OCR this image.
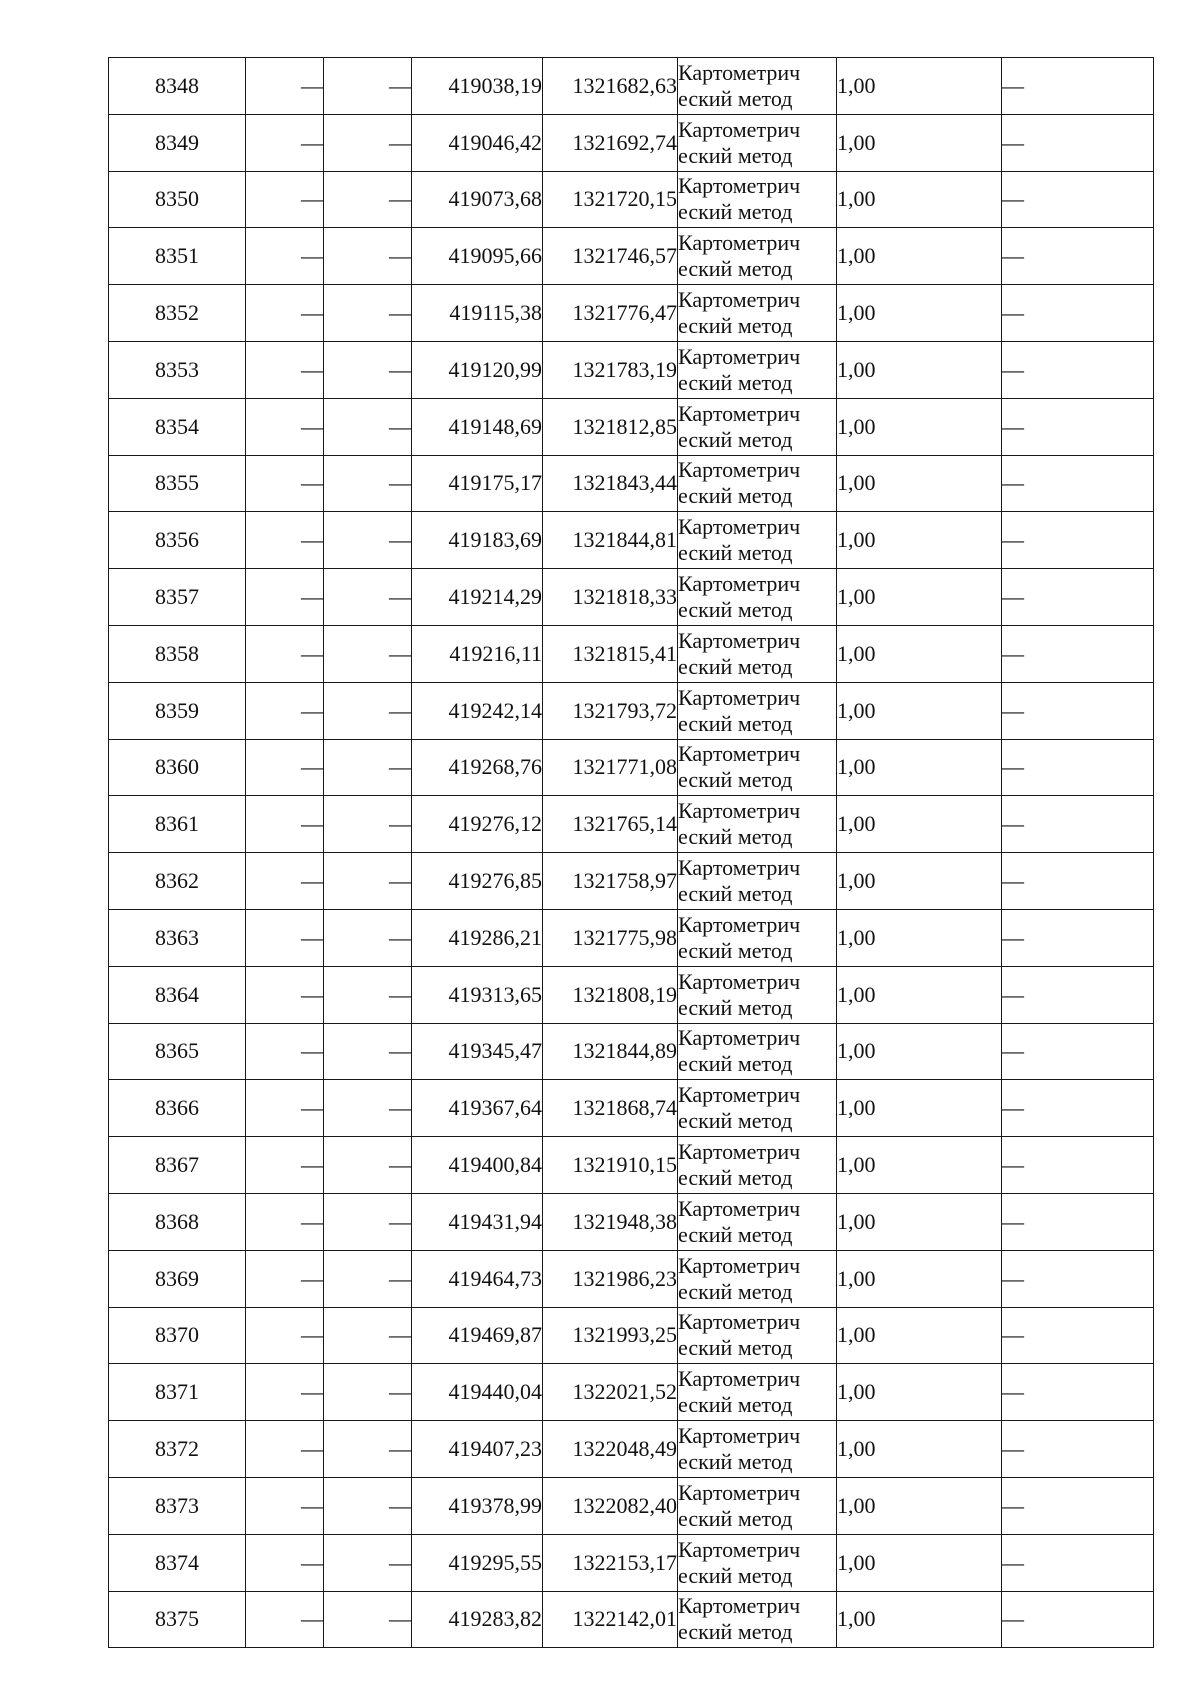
8348	—	—	419038,19	1321682,63	Картометрич
еский метод	1,00	—
8349	—	—	419046,42	1321692,74	Картометрич
еский метод	1,00	—
8350	—	—	419073,68	1321720,15	Картометрич
еский метод	1,00	—
8351	—	—	419095,66	1321746,57	Картометрич
еский метод	1,00	—
8352	—	—	419115,38	1321776,47	Картометрич
еский метод	1,00	—
8353	—	—	419120,99	1321783,19	Картометрич
еский метод	1,00	—
8354	—	—	419148,69	1321812,85	Картометрич
еский метод	1,00	—
8355	—	—	419175,17	1321843,44	Картометрич
еский метод	1,00	—
8356	—	—	419183,69	1321844,81	Картометрич
еский метод	1,00	—
8357	—	—	419214,29	1321818,33	Картометрич
еский метод	1,00	—
8358	—	—	419216,11	1321815,41	Картометрич
еский метод	1,00	—
8359	—	—	419242,14	1321793,72	Картометрич
еский метод	1,00	—
8360	—	—	419268,76	1321771,08	Картометрич
еский метод	1,00	—
8361	—	—	419276,12	1321765,14	Картометрич
еский метод	1,00	—
8362	—	—	419276,85	1321758,97	Картометрич
еский метод	1,00	—
8363	—	—	419286,21	1321775,98	Картометрич
еский метод	1,00	—
8364	—	—	419313,65	1321808,19	Картометрич
еский метод	1,00	—
8365	—	—	419345,47	1321844,89	Картометрич
еский метод	1,00	—
8366	—	—	419367,64	1321868,74	Картометрич
еский метод	1,00	—
8367	—	—	419400,84	1321910,15	Картометрич
еский метод	1,00	—
8368	—	—	419431,94	1321948,38	Картометрич
еский метод	1,00	—
8369	—	—	419464,73	1321986,23	Картометрич
еский метод	1,00	—
8370	—	—	419469,87	1321993,25	Картометрич
еский метод	1,00	—
8371	—	—	419440,04	1322021,52	Картометрич
еский метод	1,00	—
8372	—	—	419407,23	1322048,49	Картометрич
еский метод	1,00	—
8373	—	—	419378,99	1322082,40	Картометрич
еский метод	1,00	—
8374	—	—	419295,55	1322153,17	Картометрич
еский метод	1,00	—
8375	—	—	419283,82	1322142,01	Картометрич
еский метод	1,00	—
